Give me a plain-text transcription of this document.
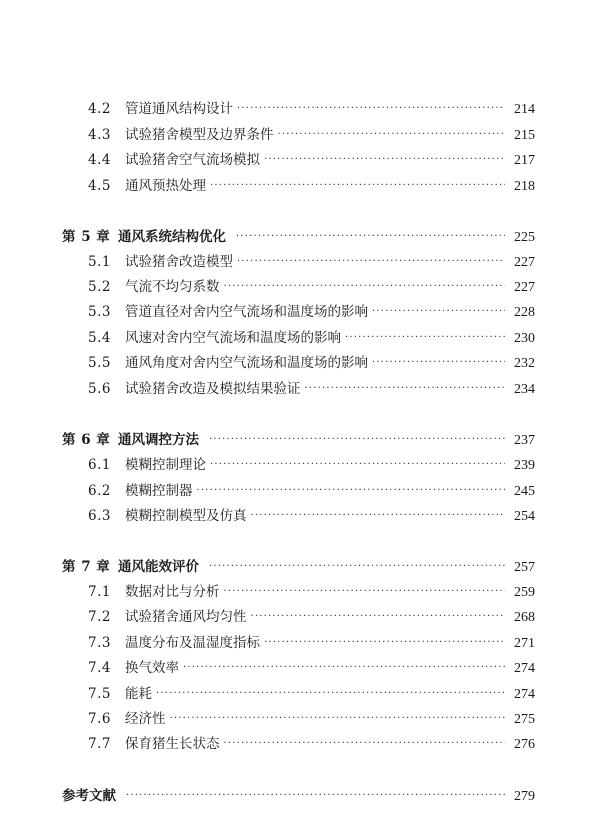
4.2	管道通风结构设计 ·····	214
4.3	试验猪舍模型及边界条件 ·····	215
4.4	试验猪舍空气流场模拟 ·····	217
4.5	通风预热处理 ·····	218
第 5 章 通风系统结构优化 ·····	225
5.1	试验猪舍改造模型 ·····	227
5.2	气流不均匀系数 ·····	227
5.3	管道直径对舍内空气流场和温度场的影响 ·····	228
5.4	风速对舍内空气流场和温度场的影响 ·····	230
5.5	通风角度对舍内空气流场和温度场的影响 ·····	232
5.6	试验猪舍改造及模拟结果验证 ·····	234
第 6 章 通风调控方法 ·····	237
6.1	模糊控制理论 ·····	239
6.2	模糊控制器 ·····	245
6.3	模糊控制模型及仿真 ·····	254
第 7 章 通风能效评价 ·····	257
7.1	数据对比与分析 ·····	259
7.2	试验猪舍通风均匀性 ·····	268
7.3	温度分布及温湿度指标 ·····	271
7.4	换气效率 ·····	274
7.5	能耗 ·····	274
7.6	经济性 ·····	275
7.7	保育猪生长状态 ·····	276
参考文献 ·····	279
